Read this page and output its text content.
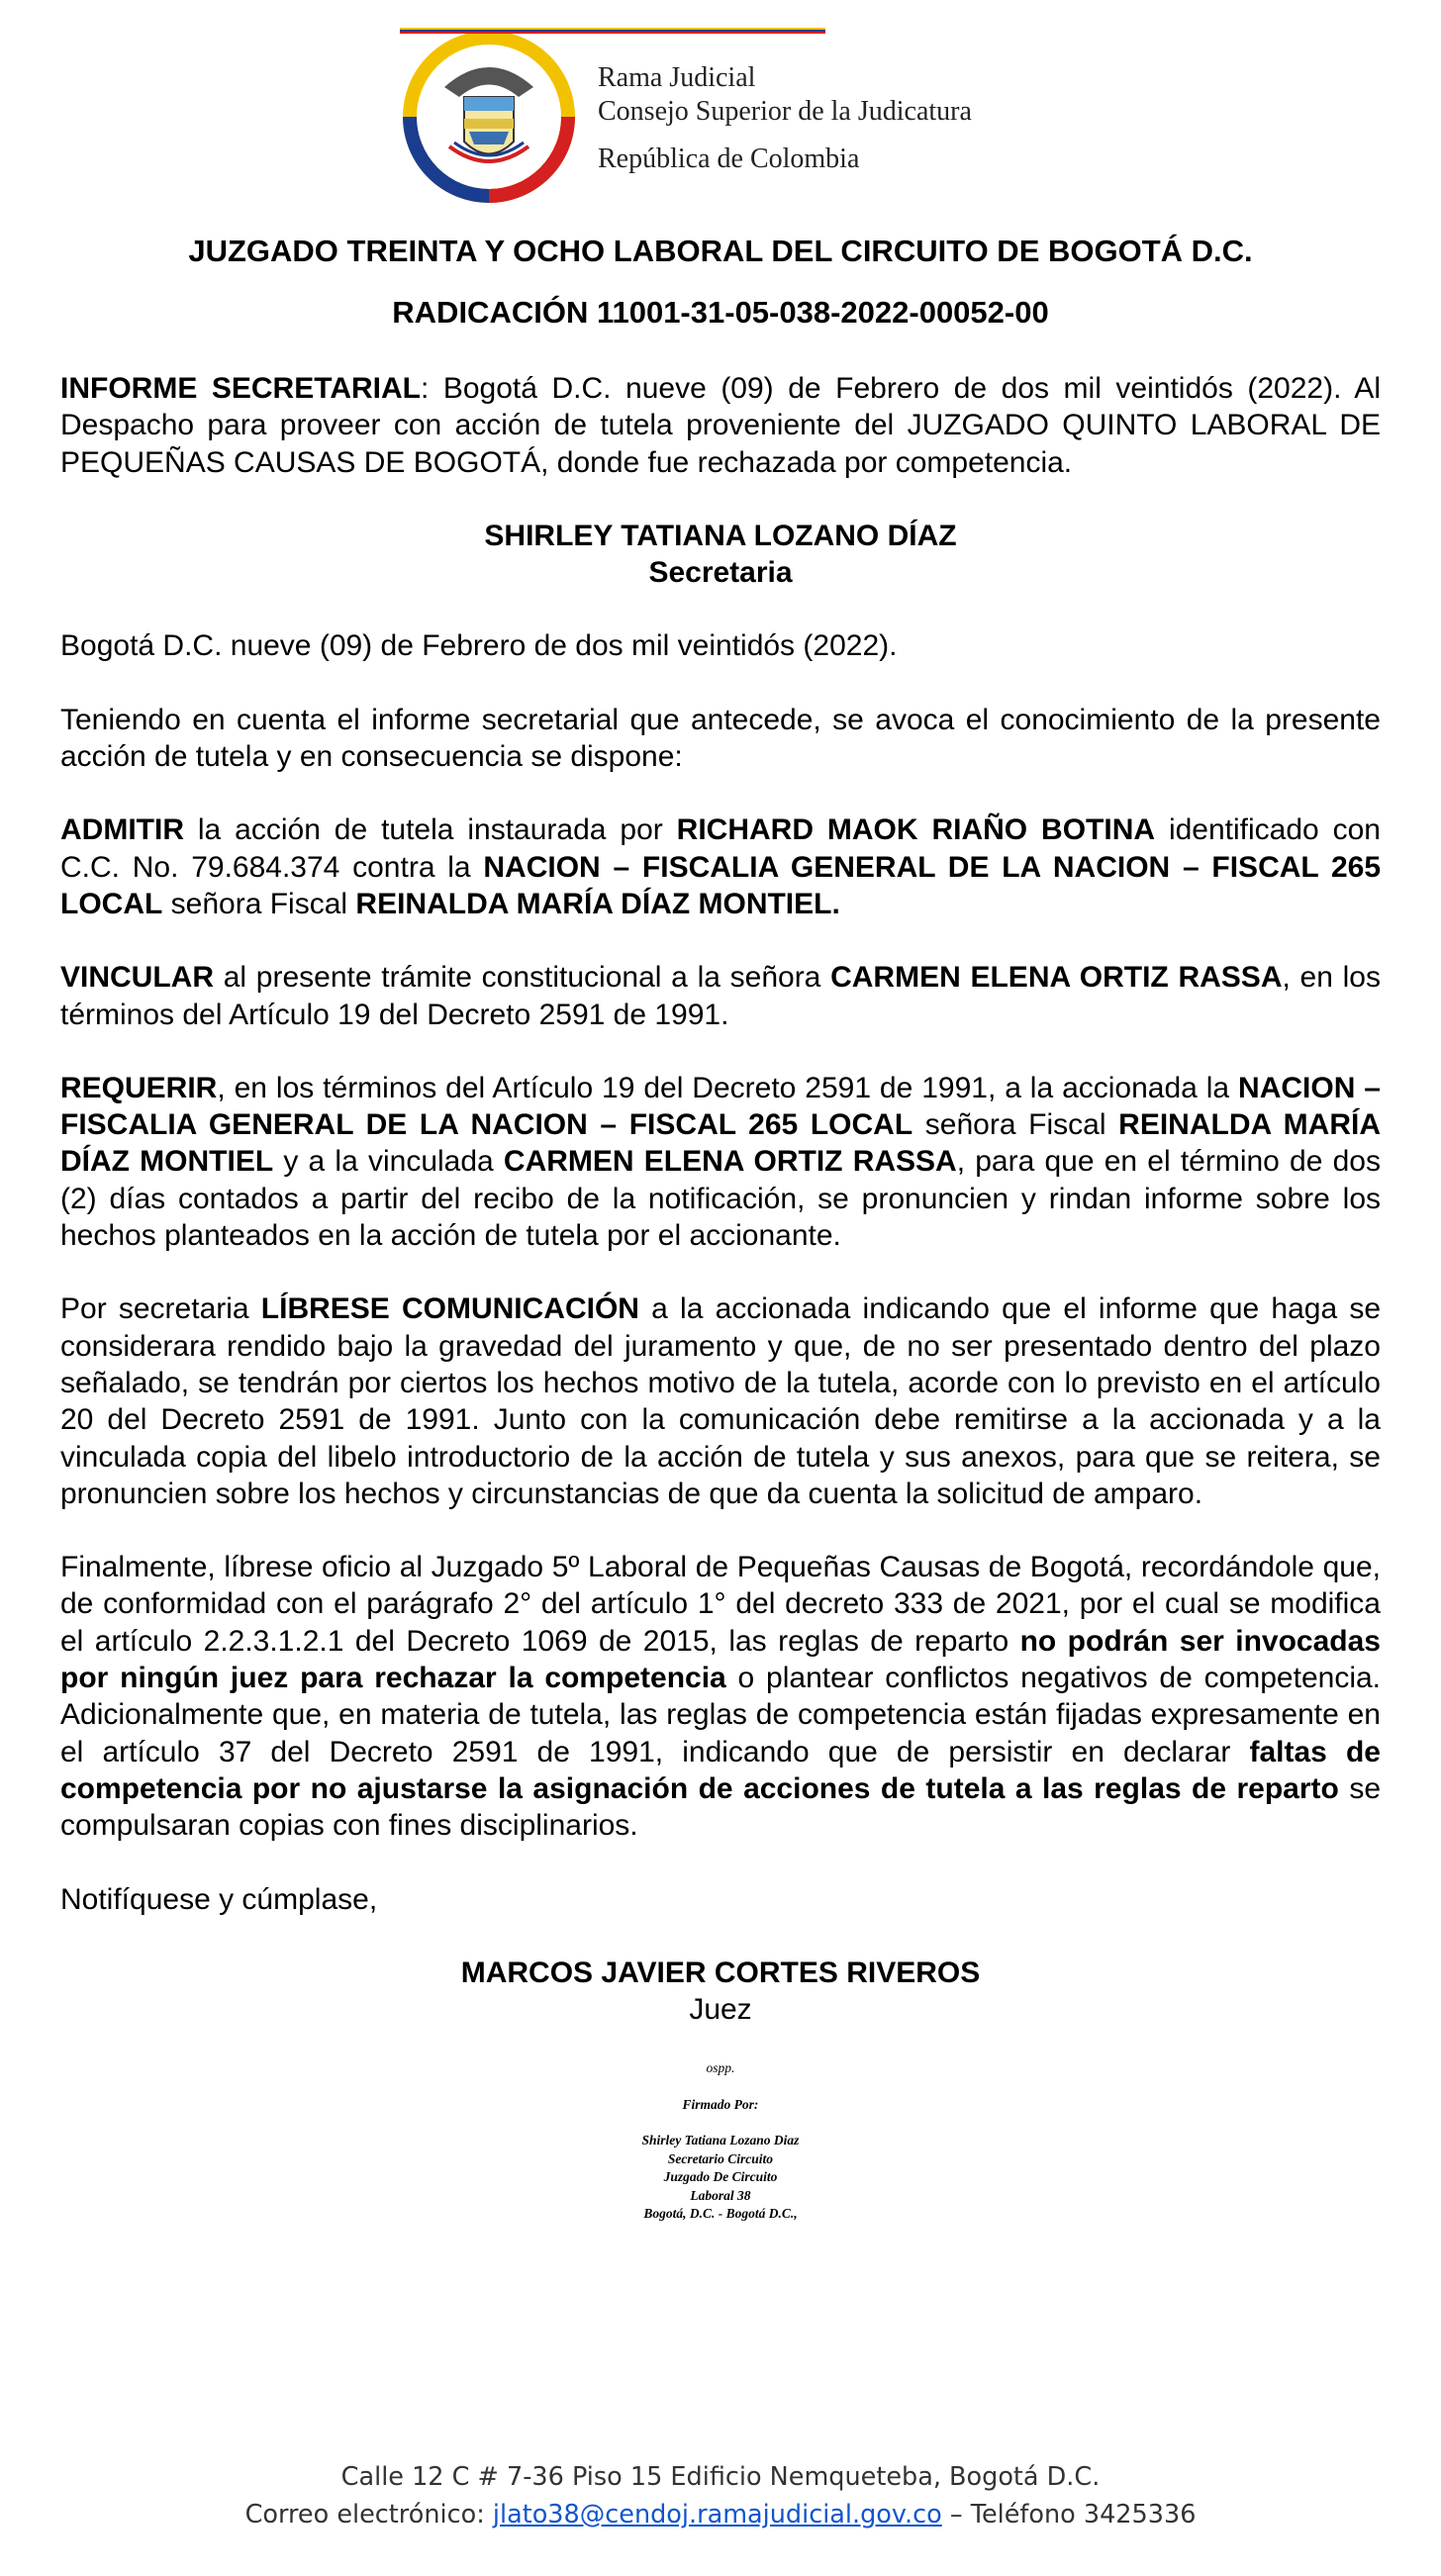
Rama Judicial
Consejo Superior de la Judicatura
República de Colombia
JUZGADO TREINTA Y OCHO LABORAL DEL CIRCUITO DE BOGOTÁ D.C.
RADICACIÓN 11001-31-05-038-2022-00052-00

INFORME SECRETARIAL: Bogotá D.C. nueve (09) de Febrero de dos mil veintidós (2022). Al Despacho para proveer con acción de tutela proveniente del JUZGADO QUINTO LABORAL DE PEQUEÑAS CAUSAS DE BOGOTÁ, donde fue rechazada por competencia.

SHIRLEY TATIANA LOZANO DÍAZ
Secretaria

Bogotá D.C. nueve (09) de Febrero de dos mil veintidós (2022).

Teniendo en cuenta el informe secretarial que antecede, se avoca el conocimiento de la presente acción de tutela y en consecuencia se dispone:

ADMITIR la acción de tutela instaurada por RICHARD MAOK RIAÑO BOTINA identificado con C.C. No. 79.684.374 contra la NACION – FISCALIA GENERAL DE LA NACION – FISCAL 265 LOCAL señora Fiscal REINALDA MARÍA DÍAZ MONTIEL.

VINCULAR al presente trámite constitucional a la señora CARMEN ELENA ORTIZ RASSA, en los términos del Artículo 19 del Decreto 2591 de 1991.

REQUERIR, en los términos del Artículo 19 del Decreto 2591 de 1991, a la accionada la NACION – FISCALIA GENERAL DE LA NACION – FISCAL 265 LOCAL señora Fiscal REINALDA MARÍA DÍAZ MONTIEL y a la vinculada CARMEN ELENA ORTIZ RASSA, para que en el término de dos (2) días contados a partir del recibo de la notificación, se pronuncien y rindan informe sobre los hechos planteados en la acción de tutela por el accionante.

Por secretaria LÍBRESE COMUNICACIÓN a la accionada indicando que el informe que haga se considerara rendido bajo la gravedad del juramento y que, de no ser presentado dentro del plazo señalado, se tendrán por ciertos los hechos motivo de la tutela, acorde con lo previsto en el artículo 20 del Decreto 2591 de 1991. Junto con la comunicación debe remitirse a la accionada y a la vinculada copia del libelo introductorio de la acción de tutela y sus anexos, para que se reitera, se pronuncien sobre los hechos y circunstancias de que da cuenta la solicitud de amparo.

Finalmente, líbrese oficio al Juzgado 5º Laboral de Pequeñas Causas de Bogotá, recordándole que, de conformidad con el parágrafo 2° del artículo 1° del decreto 333 de 2021, por el cual se modifica el artículo 2.2.3.1.2.1 del Decreto 1069 de 2015, las reglas de reparto no podrán ser invocadas por ningún juez para rechazar la competencia o plantear conflictos negativos de competencia. Adicionalmente que, en materia de tutela, las reglas de competencia están fijadas expresamente en el artículo 37 del Decreto 2591 de 1991, indicando que de persistir en declarar faltas de competencia por no ajustarse la asignación de acciones de tutela a las reglas de reparto se compulsaran copias con fines disciplinarios.

Notifíquese y cúmplase,

MARCOS JAVIER CORTES RIVEROS
Juez
ospp.
Firmado Por:
Shirley Tatiana Lozano Diaz
Secretario Circuito
Juzgado De Circuito
Laboral 38
Bogotá, D.C. - Bogotá D.C.,
Calle 12 C # 7-36 Piso 15 Edificio Nemqueteba, Bogotá D.C.
Correo electrónico: jlato38@cendoj.ramajudicial.gov.co – Teléfono 3425336
